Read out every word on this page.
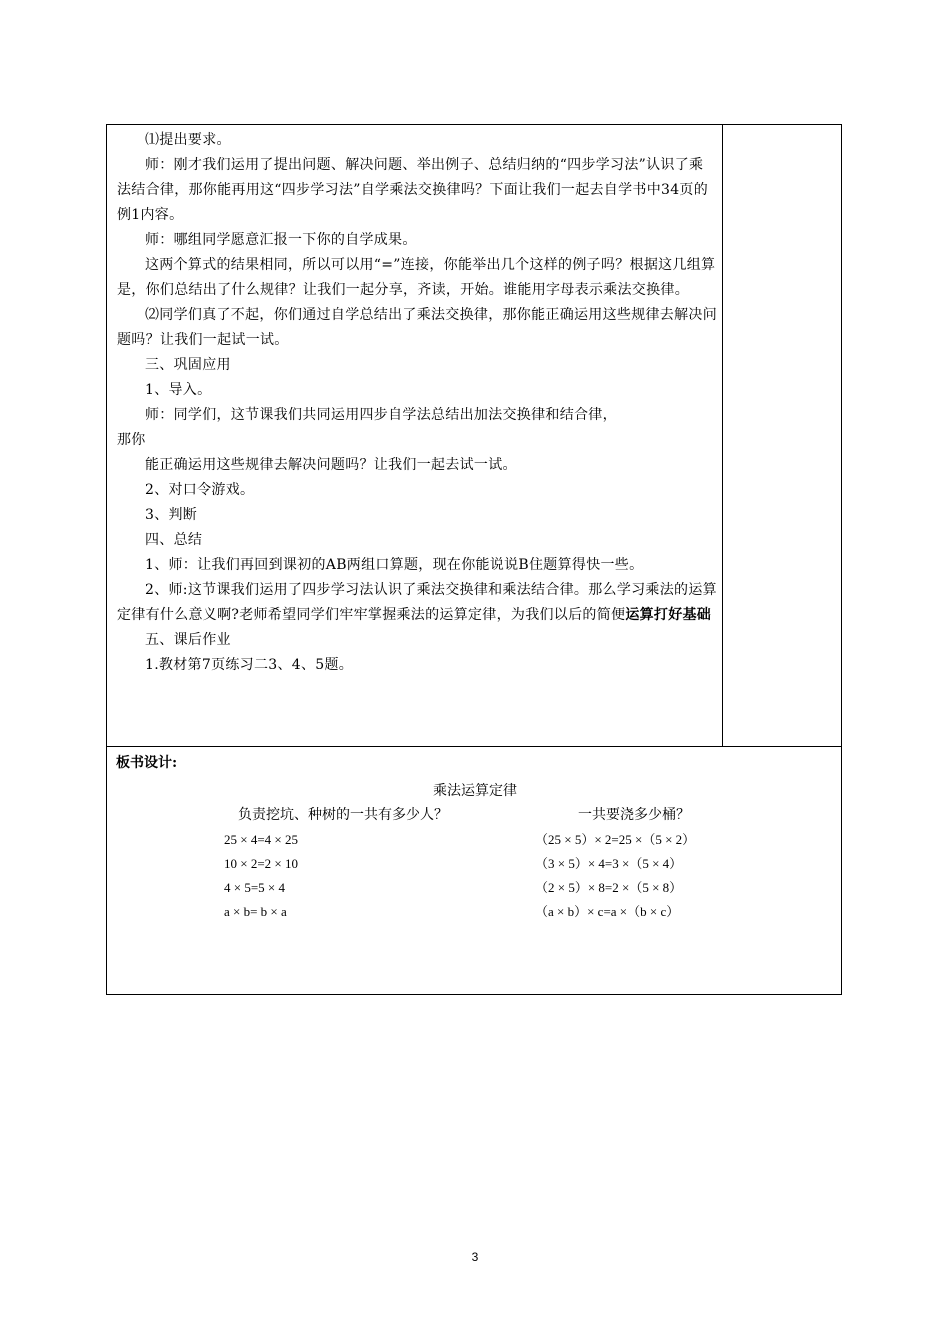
⑴提出要求。

师：刚才我们运用了提出问题、解决问题、举出例子、总结归纳的“四步学习法”认识了乘法结合律，那你能再用这“四步学习法”自学乘法交换律吗？下面让我们一起去自学书中34页的例1内容。

师：哪组同学愿意汇报一下你的自学成果。

这两个算式的结果相同，所以可以用“=”连接，你能举出几个这样的例子吗？根据这几组算是，你们总结出了什么规律？让我们一起分享，齐读，开始。谁能用字母表示乘法交换律。

⑵同学们真了不起，你们通过自学总结出了乘法交换律，那你能正确运用这些规律去解决问题吗？让我们一起试一试。

三、巩固应用

1、导入。

师：同学们，这节课我们共同运用四步自学法总结出加法交换律和结合律，

那你

能正确运用这些规律去解决问题吗？让我们一起去试一试。

2、对口令游戏。

3、判断

四、总结

1、师：让我们再回到课初的AB两组口算题，现在你能说说B住题算得快一些。

2、师:这节课我们运用了四步学习法认识了乘法交换律和乘法结合律。那么学习乘法的运算定律有什么意义啊?老师希望同学们牢牢掌握乘法的运算定律，为我们以后的简便运算打好基础

五、课后作业

1.教材第7页练习二3、4、5题。

板书设计:
乘法运算定律
负责挖坑、种树的一共有多少人？	一共要浇多少桶？
25 × 4=4 × 25
10 × 2=2 × 10
4 × 5=5 × 4
a × b= b × a
（25 × 5）× 2=25 ×（5 × 2）
（3 × 5）× 4=3 ×（5 × 4）
（2 × 5）× 8=2 ×（5 × 8）
（a × b）× c=a ×（b × c）
3
